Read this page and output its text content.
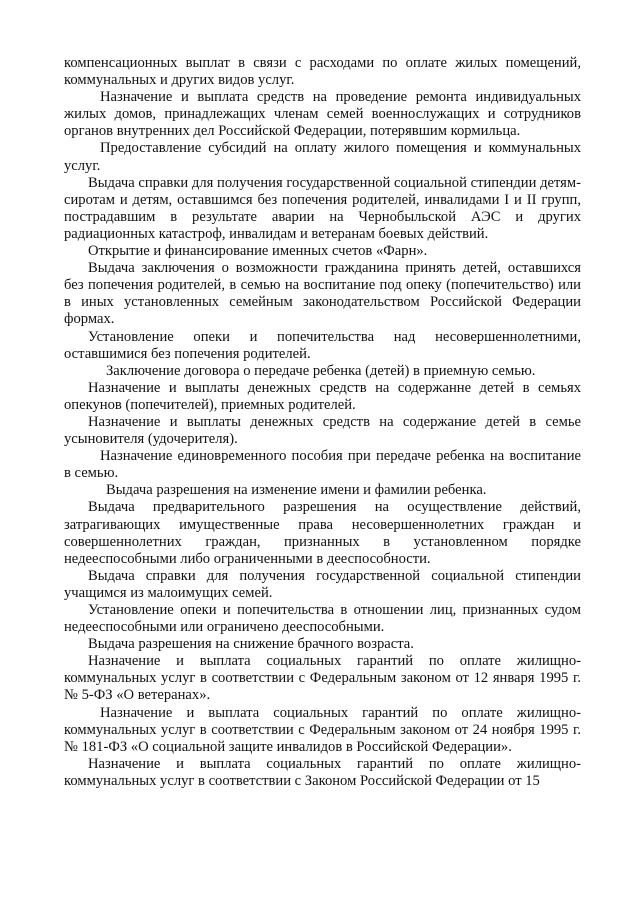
компенсационных выплат в связи с расходами по оплате жилых помещений, коммунальных и других видов услуг.

Назначение и выплата средств на проведение ремонта индивидуальных жилых домов, принадлежащих членам семей военнослужащих и сотрудников органов внутренних дел Российской Федерации, потерявшим кормильца.

Предоставление субсидий на оплату жилого помещения и коммунальных услуг.

Выдача справки для получения государственной социальной стипендии детям-сиротам и детям, оставшимся без попечения родителей, инвалидами I и II групп, пострадавшим в результате аварии на Чернобыльской АЭС и других радиационных катастроф, инвалидам и ветеранам боевых действий.

Открытие и финансирование именных счетов «Фарн».

Выдача заключения о возможности гражданина принять детей, оставшихся без попечения родителей, в семью на воспитание под опеку (попечительство) или в иных установленных семейным законодательством Российской Федерации формах.

Установление опеки и попечительства над несовершеннолетними, оставшимися без попечения родителей.

Заключение договора о передаче ребенка (детей) в приемную семью.

Назначение и выплаты денежных средств на содержанне детей в семьях опекунов (попечителей), приемных родителей.

Назначение и выплаты денежных средств на содержание детей в семье усыновителя (удочерителя).

Назначение единовременного пособия при передаче ребенка на воспитание в семью.

Выдача разрешения на изменение имени и фамилии ребенка.

Выдача предварительного разрешения на осуществление действий, затрагивающих имущественные права несовершеннолетних граждан и совершеннолетних граждан, признанных в установленном порядке недееспособными либо ограниченными в дееспособности.

Выдача справки для получения государственной социальной стипендии учащимся из малоимущих семей.

Установление опеки и попечительства в отношении лиц, признанных судом недееспособными или ограничено дееспособными.

Выдача разрешения на снижение брачного возраста.

Назначение и выплата социальных гарантий по оплате жилищно-коммунальных услуг в соответствии с Федеральным законом от 12 января 1995 г. № 5-ФЗ «О ветеранах».

Назначение и выплата социальных гарантий по оплате жилищно-коммунальных услуг в соответствии с Федеральным законом от 24 ноября 1995 г. № 181-ФЗ «О социальной защите инвалидов в Российской Федерации».

Назначение и выплата социальных гарантий по оплате жилищно-коммунальных услуг в соответствии с Законом Российской Федерации от 15
